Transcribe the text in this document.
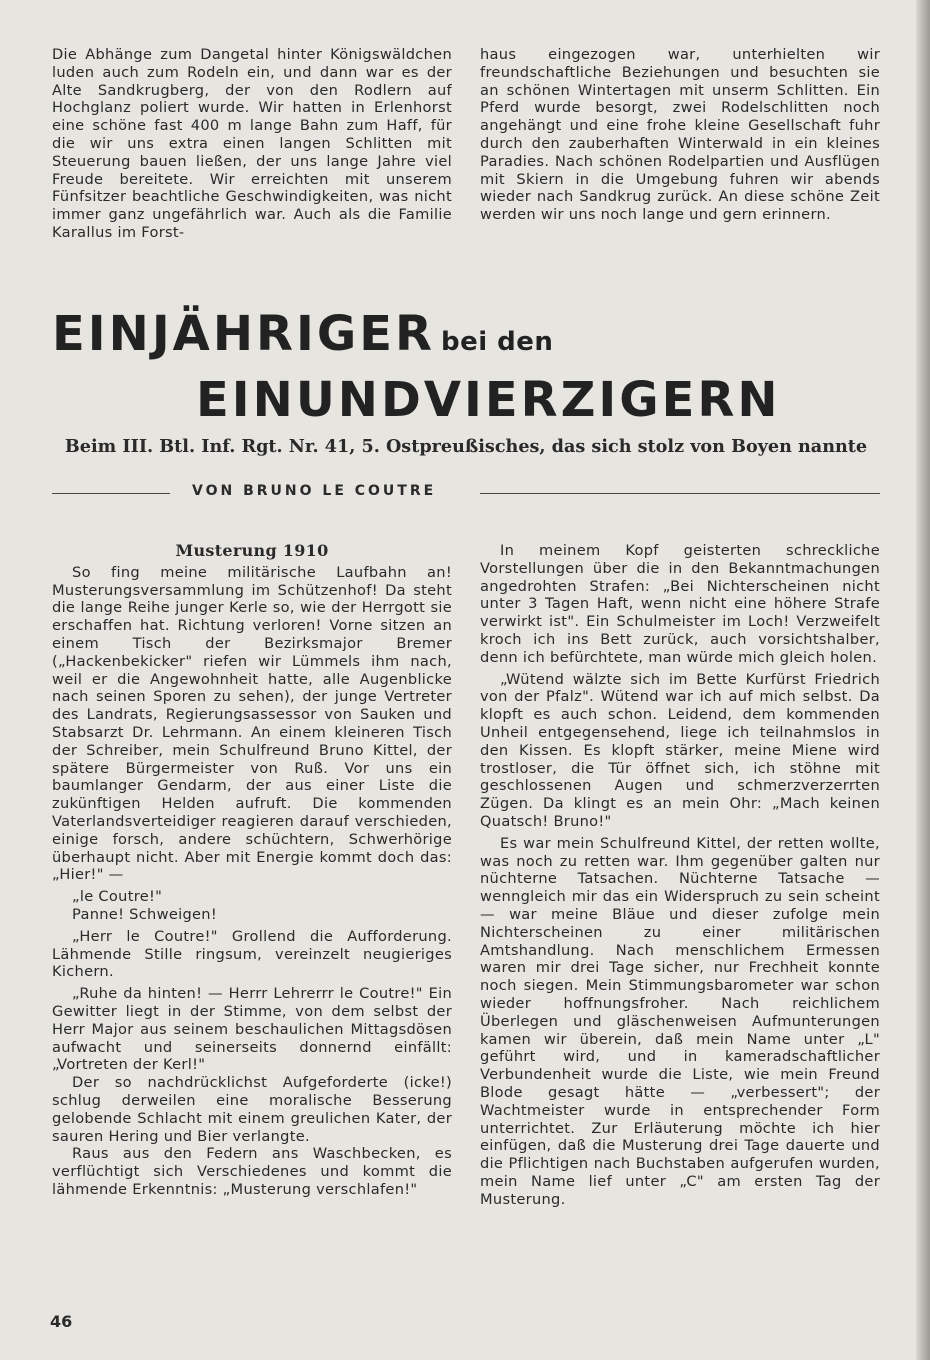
Die Abhänge zum Dangetal hinter Königswäldchen luden auch zum Rodeln ein, und dann war es der Alte Sandkrugberg, der von den Rodlern auf Hochglanz poliert wurde. Wir hatten in Erlenhorst eine schöne fast 400 m lange Bahn zum Haff, für die wir uns extra einen langen Schlitten mit Steuerung bauen ließen, der uns lange Jahre viel Freude bereitete. Wir erreichten mit unserem Fünfsitzer beachtliche Geschwindigkeiten, was nicht immer ganz ungefährlich war. Auch als die Familie Karallus im Forst-

haus eingezogen war, unterhielten wir freundschaftliche Beziehungen und besuchten sie an schönen Wintertagen mit unserm Schlitten. Ein Pferd wurde besorgt, zwei Rodelschlitten noch angehängt und eine frohe kleine Gesellschaft fuhr durch den zauberhaften Winterwald in ein kleines Paradies. Nach schönen Rodelpartien und Ausflügen mit Skiern in die Umgebung fuhren wir abends wieder nach Sandkrug zurück. An diese schöne Zeit werden wir uns noch lange und gern erinnern.

EINJÄHRIGER bei den
EINUNDVIERZIGERN
Beim III. Btl. Inf. Rgt. Nr. 41, 5. Ostpreußisches, das sich stolz von Boyen nannte
VON BRUNO LE COUTRE

Musterung 1910

So fing meine militärische Laufbahn an! Musterungsversammlung im Schützenhof! Da steht die lange Reihe junger Kerle so, wie der Herrgott sie erschaffen hat. Richtung verloren! Vorne sitzen an einem Tisch der Bezirksmajor Bremer („Hackenbekicker" riefen wir Lümmels ihm nach, weil er die Angewohnheit hatte, alle Augenblicke nach seinen Sporen zu sehen), der junge Vertreter des Landrats, Regierungsassessor von Sauken und Stabsarzt Dr. Lehrmann. An einem kleineren Tisch der Schreiber, mein Schulfreund Bruno Kittel, der spätere Bürgermeister von Ruß. Vor uns ein baumlanger Gendarm, der aus einer Liste die zukünftigen Helden aufruft. Die kommenden Vaterlandsverteidiger reagieren darauf verschieden, einige forsch, andere schüchtern, Schwerhörige überhaupt nicht. Aber mit Energie kommt doch das: „Hier!" —

„le Coutre!"

Panne! Schweigen!

„Herr le Coutre!" Grollend die Aufforderung. Lähmende Stille ringsum, vereinzelt neugieriges Kichern.

„Ruhe da hinten! — Herrr Lehrerrr le Coutre!" Ein Gewitter liegt in der Stimme, von dem selbst der Herr Major aus seinem beschaulichen Mittagsdösen aufwacht und seinerseits donnernd einfällt: „Vortreten der Kerl!"

Der so nachdrücklichst Aufgeforderte (icke!) schlug derweilen eine moralische Besserung gelobende Schlacht mit einem greulichen Kater, der sauren Hering und Bier verlangte.

Raus aus den Federn ans Waschbecken, es verflüchtigt sich Verschiedenes und kommt die lähmende Erkenntnis: „Musterung verschlafen!"

In meinem Kopf geisterten schreckliche Vorstellungen über die in den Bekanntmachungen angedrohten Strafen: „Bei Nichterscheinen nicht unter 3 Tagen Haft, wenn nicht eine höhere Strafe verwirkt ist". Ein Schulmeister im Loch! Verzweifelt kroch ich ins Bett zurück, auch vorsichtshalber, denn ich befürchtete, man würde mich gleich holen.

„Wütend wälzte sich im Bette Kurfürst Friedrich von der Pfalz". Wütend war ich auf mich selbst. Da klopft es auch schon. Leidend, dem kommenden Unheil entgegensehend, liege ich teilnahmslos in den Kissen. Es klopft stärker, meine Miene wird trostloser, die Tür öffnet sich, ich stöhne mit geschlossenen Augen und schmerzverzerrten Zügen. Da klingt es an mein Ohr: „Mach keinen Quatsch! Bruno!"

Es war mein Schulfreund Kittel, der retten wollte, was noch zu retten war. Ihm gegenüber galten nur nüchterne Tatsachen. Nüchterne Tatsache — wenngleich mir das ein Widerspruch zu sein scheint — war meine Bläue und dieser zufolge mein Nichterscheinen zu einer militärischen Amtshandlung. Nach menschlichem Ermessen waren mir drei Tage sicher, nur Frechheit konnte noch siegen. Mein Stimmungsbarometer war schon wieder hoffnungsfroher. Nach reichlichem Überlegen und gläschenweisen Aufmunterungen kamen wir überein, daß mein Name unter „L" geführt wird, und in kameradschaftlicher Verbundenheit wurde die Liste, wie mein Freund Blode gesagt hätte — „verbessert"; der Wachtmeister wurde in entsprechender Form unterrichtet. Zur Erläuterung möchte ich hier einfügen, daß die Musterung drei Tage dauerte und die Pflichtigen nach Buchstaben aufgerufen wurden, mein Name lief unter „C" am ersten Tag der Musterung.

46
